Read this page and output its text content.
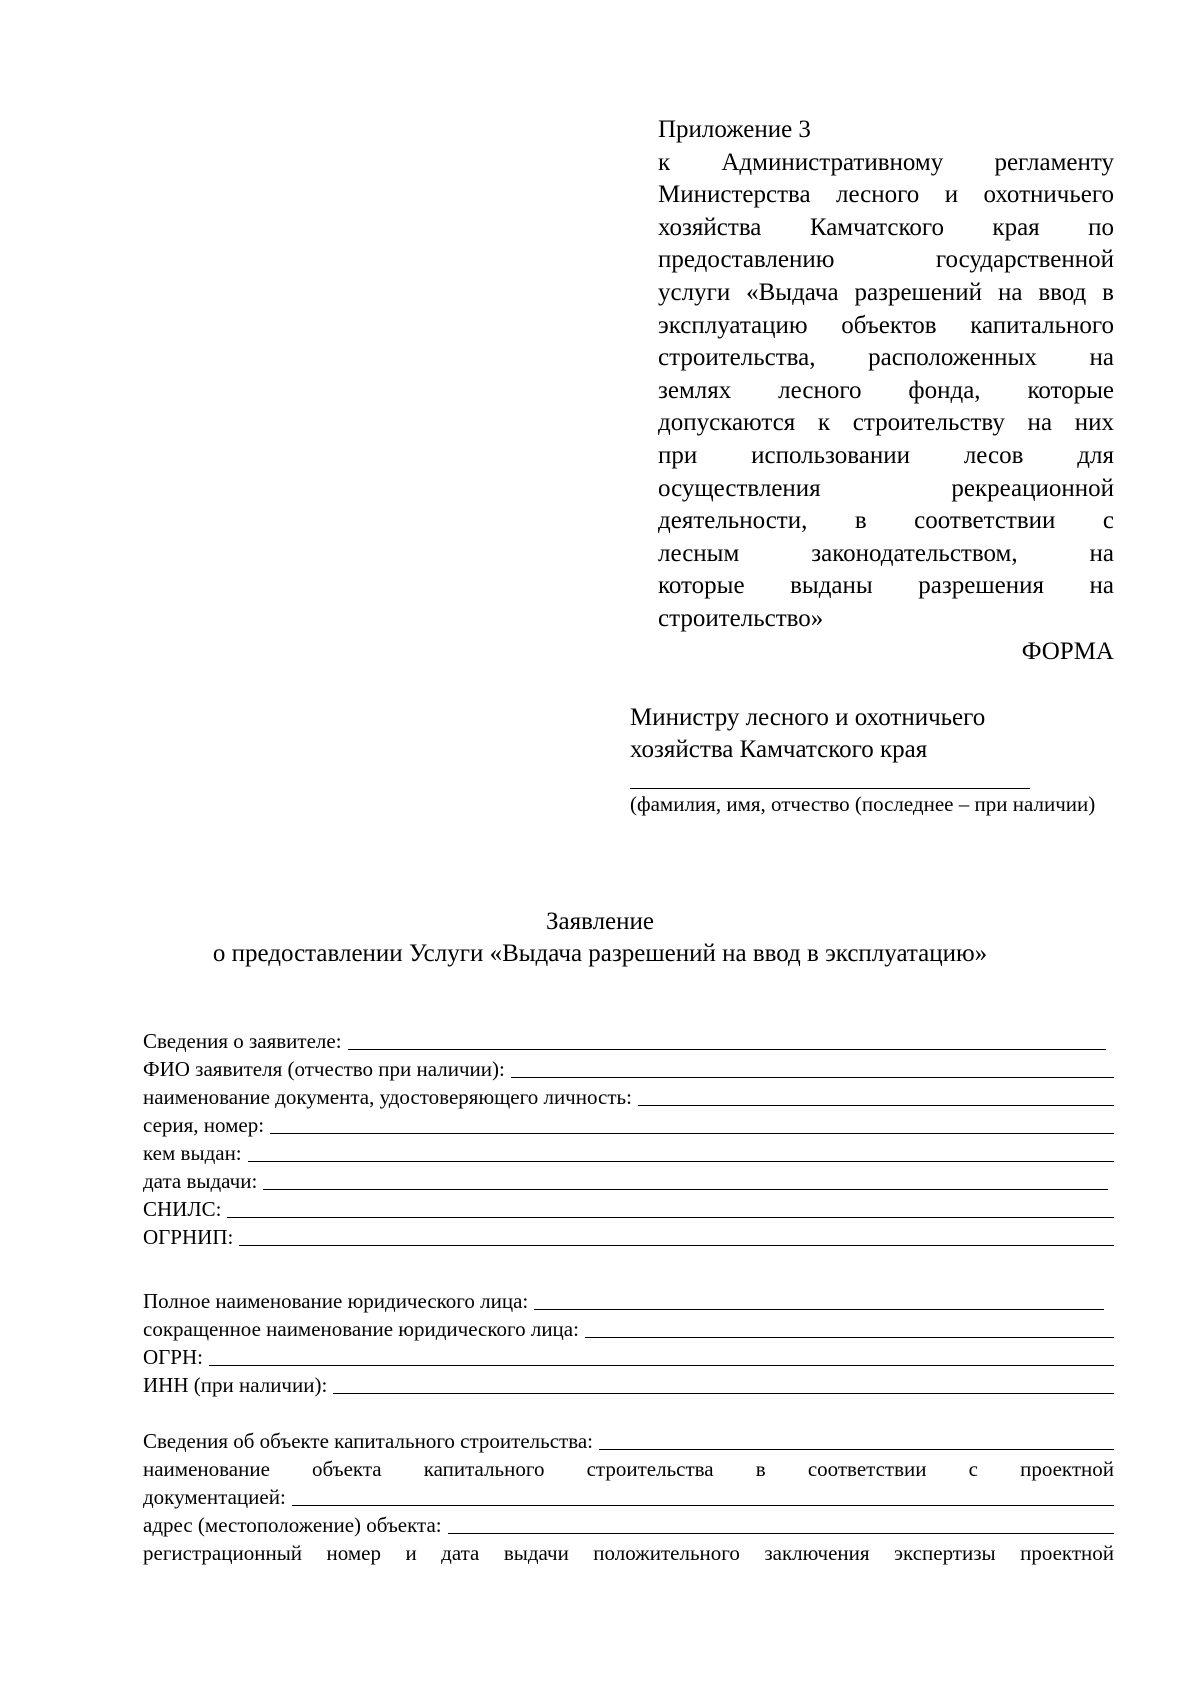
Приложение 3
к Административному регламенту
Министерства лесного и охотничьего
хозяйства Камчатского края по
предоставлению государственной
услуги «Выдача разрешений на ввод в
эксплуатацию объектов капитального
строительства, расположенных на
землях лесного фонда, которые
допускаются к строительству на них
при использовании лесов для
осуществления рекреационной
деятельности, в соответствии с
лесным законодательством, на
которые выданы разрешения на
строительство»
ФОРМА
Министру лесного и охотничьего
хозяйства Камчатского края
(фамилия, имя, отчество (последнее – при наличии)
Заявление
о предоставлении Услуги «Выдача разрешений на ввод в эксплуатацию»
Сведения о заявителе:
ФИО заявителя (отчество при наличии):
наименование документа, удостоверяющего личность:
серия, номер:
кем выдан:
дата выдачи:
СНИЛС:
ОГРНИП:
Полное наименование юридического лица:
сокращенное наименование юридического лица:
ОГРН:
ИНН (при наличии):
Сведения об объекте капитального строительства:
наименование объекта капитального строительства в соответствии с проектной
документацией:
адрес (местоположение) объекта:
регистрационный номер и дата выдачи положительного заключения экспертизы проектной
